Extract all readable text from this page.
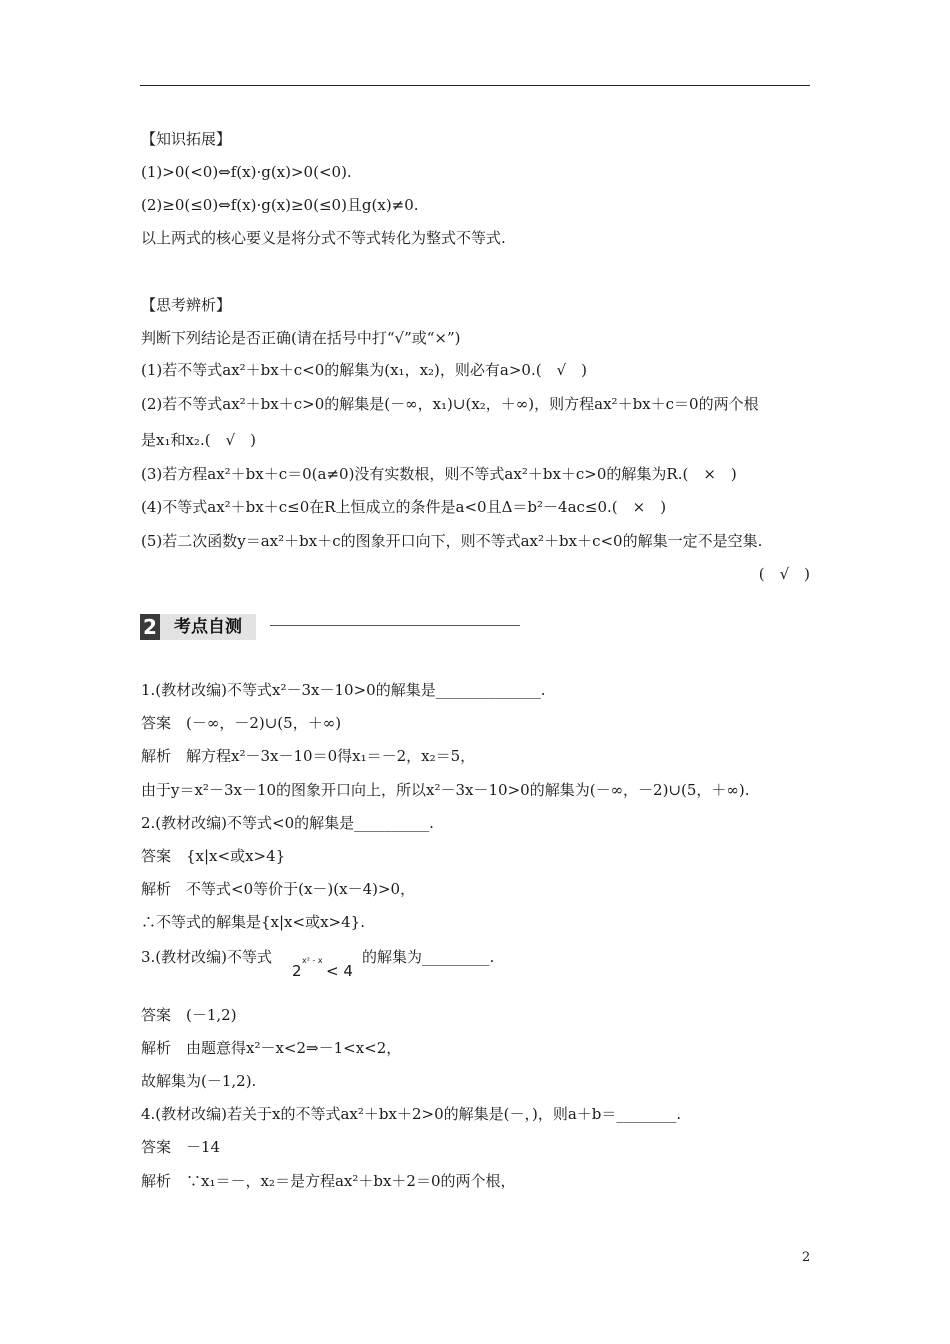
【知识拓展】
(1)>0(<0)⇔f(x)·g(x)>0(<0).
(2)≥0(≤0)⇔f(x)·g(x)≥0(≤0)且g(x)≠0.
以上两式的核心要义是将分式不等式转化为整式不等式.
【思考辨析】
判断下列结论是否正确(请在括号中打“√”或“×”)
(1)若不等式ax²＋bx＋c<0的解集为(x₁，x₂)，则必有a>0.(　√　)
(2)若不等式ax²＋bx＋c>0的解集是(－∞，x₁)∪(x₂，＋∞)，则方程ax²＋bx＋c＝0的两个根
是x₁和x₂.(　√　)
(3)若方程ax²＋bx＋c＝0(a≠0)没有实数根，则不等式ax²＋bx＋c>0的解集为R.(　×　)
(4)不等式ax²＋bx＋c≤0在R上恒成立的条件是a<0且Δ＝b²－4ac≤0.(　×　)
(5)若二次函数y＝ax²＋bx＋c的图象开口向下，则不等式ax²＋bx＋c<0的解集一定不是空集.
(　√　)
2	考点自测
1.(教材改编)不等式x²－3x－10>0的解集是______________.
答案　(－∞，－2)∪(5，＋∞)
解析　解方程x²－3x－10＝0得x₁＝－2，x₂＝5，
由于y＝x²－3x－10的图象开口向上，所以x²－3x－10>0的解集为(－∞，－2)∪(5，＋∞).
2.(教材改编)不等式<0的解集是__________.
答案　{x|x<或x>4}
解析　不等式<0等价于(x－)(x－4)>0，
∴不等式的解集是{x|x<或x>4}.
3.(教材改编)不等式
2
x² - x
< 4
的解集为_________.
答案　(－1,2)
解析　由题意得x²－x<2⇒－1<x<2，
故解集为(－1,2).
4.(教材改编)若关于x的不等式ax²＋bx＋2>0的解集是(－，)，则a＋b＝________.
答案　－14
解析　∵x₁＝－，x₂＝是方程ax²＋bx＋2＝0的两个根，
2
